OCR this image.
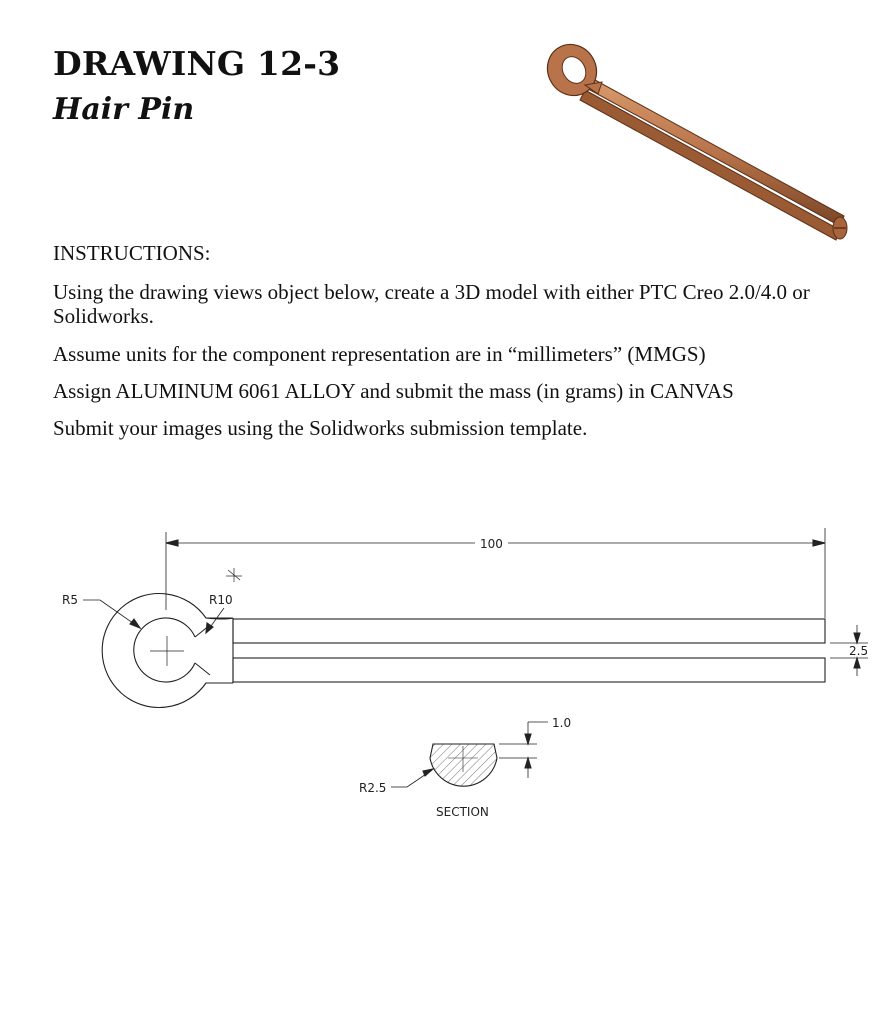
DRAWING 12-3
Hair Pin
INSTRUCTIONS:
Using the drawing views object below, create a 3D model with either PTC Creo 2.0/4.0 or Solidworks.
Assume units for the component representation are in “millimeters” (MMGS)
Assign ALUMINUM 6061 ALLOY and submit the mass (in grams) in CANVAS
Submit your images using the Solidworks submission template.
100
R5	R10
2.5
1.0
R2.5
SECTION
